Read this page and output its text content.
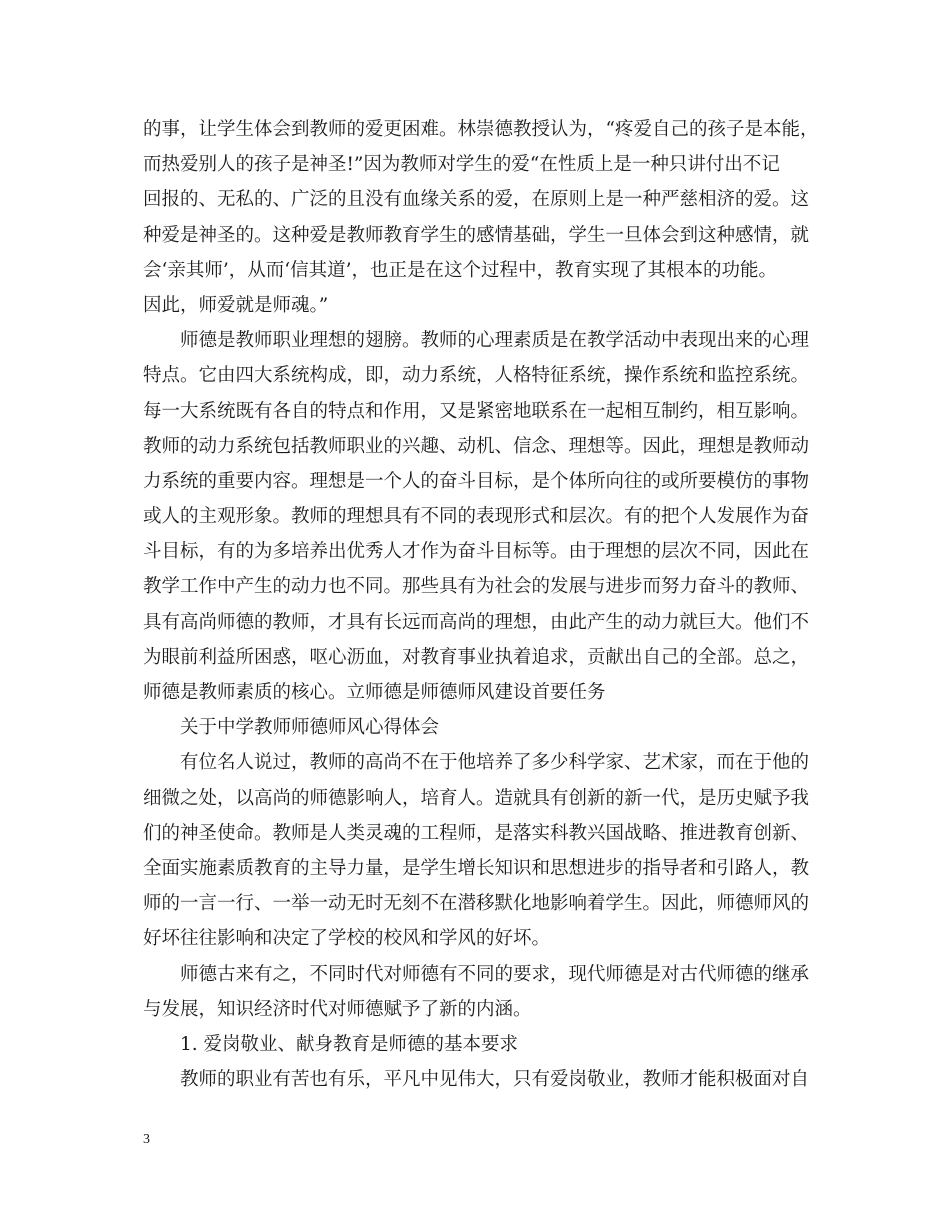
的事，让学生体会到教师的爱更困难。林崇德教授认为，“疼爱自己的孩子是本能，
而热爱别人的孩子是神圣!”因为教师对学生的爱“在性质上是一种只讲付出不记
回报的、无私的、广泛的且没有血缘关系的爱，在原则上是一种严慈相济的爱。这
种爱是神圣的。这种爱是教师教育学生的感情基础，学生一旦体会到这种感情，就
会‘亲其师’，从而‘信其道’，也正是在这个过程中，教育实现了其根本的功能。
因此，师爱就是师魂。”
　　师德是教师职业理想的翅膀。教师的心理素质是在教学活动中表现出来的心理
特点。它由四大系统构成，即，动力系统，人格特征系统，操作系统和监控系统。
每一大系统既有各自的特点和作用，又是紧密地联系在一起相互制约，相互影响。
教师的动力系统包括教师职业的兴趣、动机、信念、理想等。因此，理想是教师动
力系统的重要内容。理想是一个人的奋斗目标，是个体所向往的或所要模仿的事物
或人的主观形象。教师的理想具有不同的表现形式和层次。有的把个人发展作为奋
斗目标，有的为多培养出优秀人才作为奋斗目标等。由于理想的层次不同，因此在
教学工作中产生的动力也不同。那些具有为社会的发展与进步而努力奋斗的教师、
具有高尚师德的教师，才具有长远而高尚的理想，由此产生的动力就巨大。他们不
为眼前利益所困惑，呕心沥血，对教育事业执着追求，贡献出自己的全部。总之，
师德是教师素质的核心。立师德是师德师风建设首要任务
　　关于中学教师师德师风心得体会
　　有位名人说过，教师的高尚不在于他培养了多少科学家、艺术家，而在于他的
细微之处，以高尚的师德影响人，培育人。造就具有创新的新一代，是历史赋予我
们的神圣使命。教师是人类灵魂的工程师，是落实科教兴国战略、推进教育创新、
全面实施素质教育的主导力量，是学生增长知识和思想进步的指导者和引路人，教
师的一言一行、一举一动无时无刻不在潜移默化地影响着学生。因此，师德师风的
好坏往往影响和决定了学校的校风和学风的好坏。
　　师德古来有之，不同时代对师德有不同的要求，现代师德是对古代师德的继承
与发展，知识经济时代对师德赋予了新的内涵。
　　1. 爱岗敬业、献身教育是师德的基本要求
　　教师的职业有苦也有乐，平凡中见伟大，只有爱岗敬业，教师才能积极面对自
3
